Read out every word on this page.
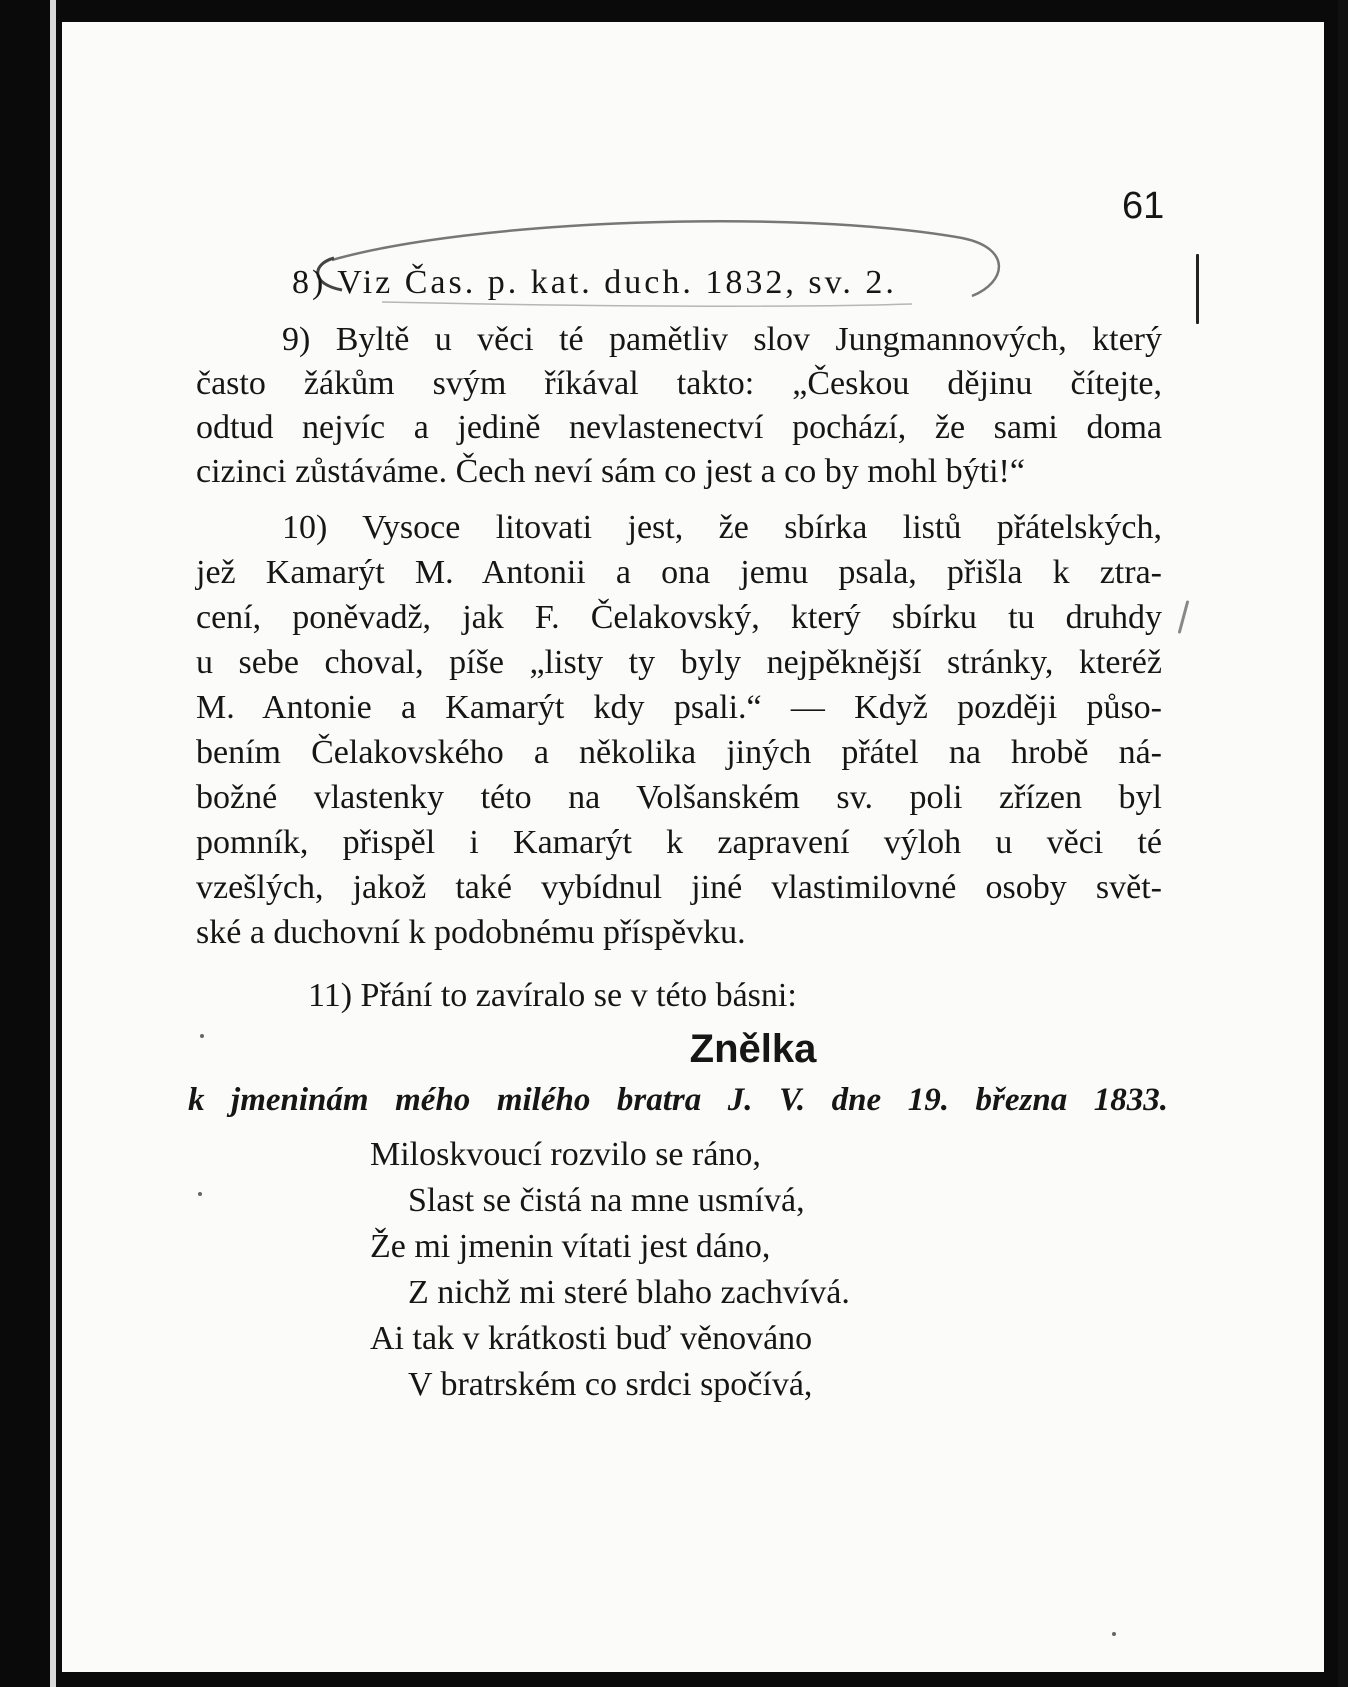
61
8) Viz Čas. p. kat. duch. 1832, sv. 2.
9) Byltě u věci té pamětliv slov Jungmannových, který
často žákům svým říkával takto: „Českou dějinu čítejte,
odtud nejvíc a jedině nevlastenectví pochází, že sami doma
cizinci zůstáváme. Čech neví sám co jest a co by mohl býti!“
10) Vysoce litovati jest, že sbírka listů přátelských,
jež Kamarýt M. Antonii a ona jemu psala, přišla k ztra-
cení, poněvadž, jak F. Čelakovský, který sbírku tu druhdy
u sebe choval, píše „listy ty byly nejpěknější stránky, kteréž
M. Antonie a Kamarýt kdy psali.“ — Když později půso-
bením Čelakovského a několika jiných přátel na hrobě ná-
božné vlastenky této na Volšanském sv. poli zřízen byl
pomník, přispěl i Kamarýt k zapravení výloh u věci té
vzešlých, jakož také vybídnul jiné vlastimilovné osoby svět-
ské a duchovní k podobnému příspěvku.
11) Přání to zavíralo se v této básni:
Znělka
k jmeninám mého milého bratra J. V. dne 19. března 1833.
Miloskvoucí rozvilo se ráno,
Slast se čistá na mne usmívá,
Že mi jmenin vítati jest dáno,
Z nichž mi steré blaho zachvívá.
Ai tak v krátkosti buď věnováno
V bratrském co srdci spočívá,
